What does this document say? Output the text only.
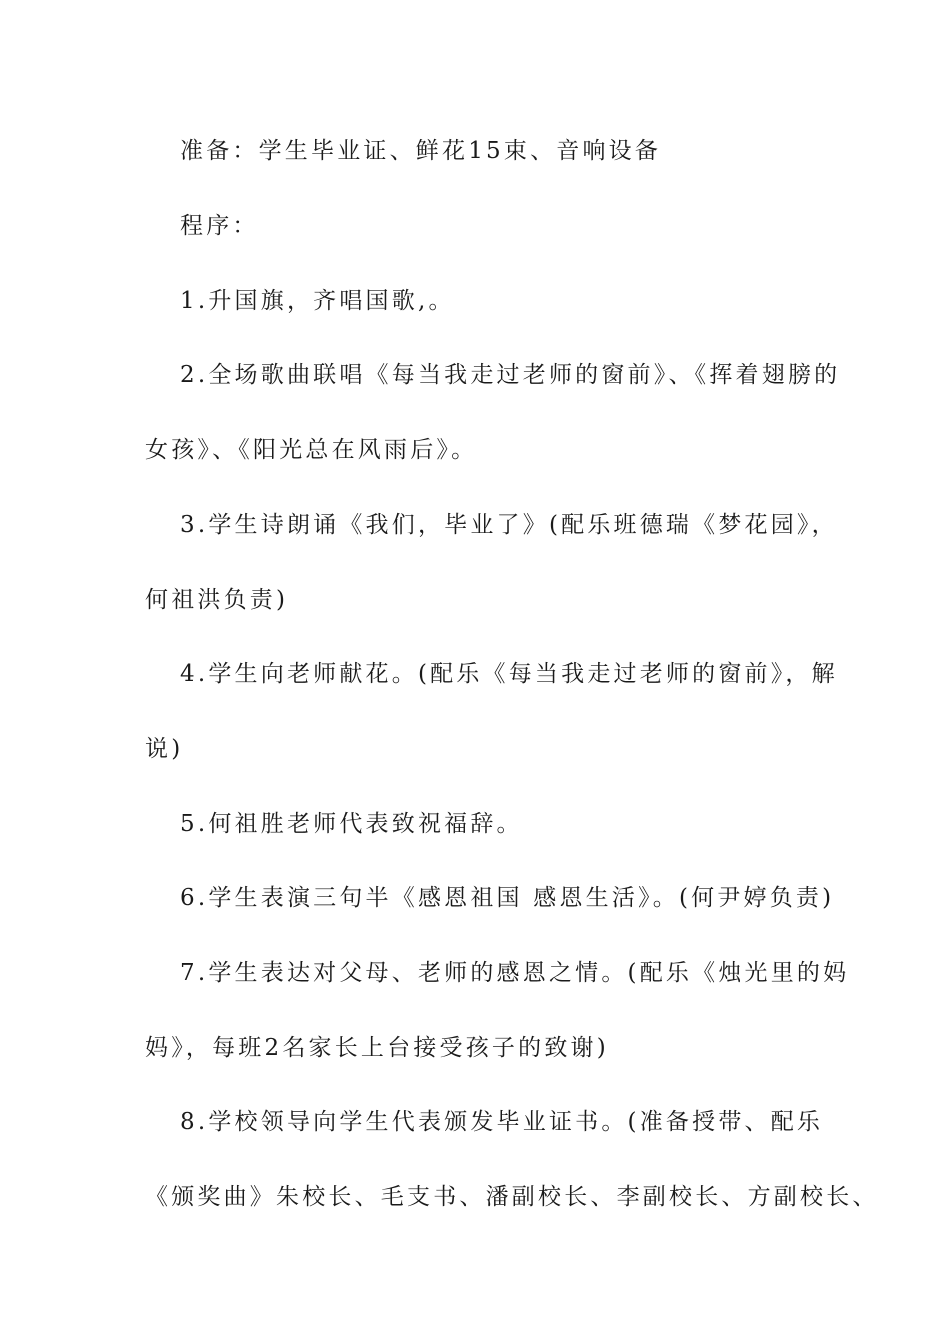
准备：学生毕业证、鲜花15束、音响设备
程序：
1.升国旗，齐唱国歌,。
2.全场歌曲联唱《每当我走过老师的窗前》、《挥着翅膀的
女孩》、《阳光总在风雨后》。
3.学生诗朗诵《我们，毕业了》(配乐班德瑞《梦花园》，
何祖洪负责)
4.学生向老师献花。(配乐《每当我走过老师的窗前》，解
说)
5.何祖胜老师代表致祝福辞。
6.学生表演三句半《感恩祖国 感恩生活》。(何尹婷负责)
7.学生表达对父母、老师的感恩之情。(配乐《烛光里的妈
妈》，每班2名家长上台接受孩子的致谢)
8.学校领导向学生代表颁发毕业证书。(准备授带、配乐
《颁奖曲》朱校长、毛支书、潘副校长、李副校长、方副校长、
